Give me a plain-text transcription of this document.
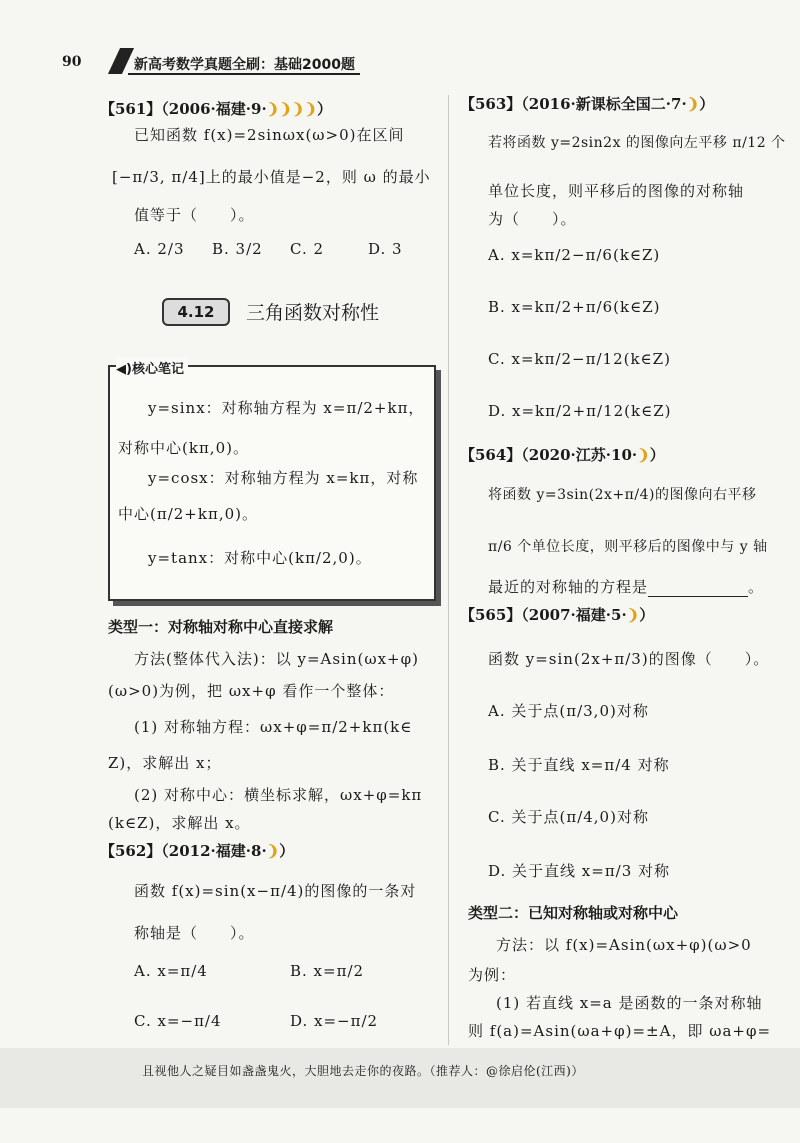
90	新高考数学真题全刷：基础2000题
【561】（2006·福建·9·❩❩❩❩）
已知函数 f(x)=2sinωx(ω>0)在区间
[−π/3, π/4]上的最小值是−2，则 ω 的最小
值等于（　　）。
A. 2/3 B. 3/2 C. 2	D. 3
4.12	三角函数对称性
◀)核心笔记
y=sinx：对称轴方程为 x=π/2+kπ，
对称中心(kπ,0)。
y=cosx：对称轴方程为 x=kπ，对称
中心(π/2+kπ,0)。
y=tanx：对称中心(kπ/2,0)。
类型一：对称轴对称中心直接求解
方法(整体代入法)：以 y=Asin(ωx+φ)
(ω>0)为例，把 ωx+φ 看作一个整体：
(1) 对称轴方程：ωx+φ=π/2+kπ(k∈
Z)，求解出 x；
(2) 对称中心：横坐标求解，ωx+φ=kπ
(k∈Z)，求解出 x。
【562】（2012·福建·8·❩）
函数 f(x)=sin(x−π/4)的图像的一条对
称轴是（　　）。
A. x=π/4	B. x=π/2
C. x=−π/4	D. x=−π/2
【563】（2016·新课标全国二·7·❩）
若将函数 y=2sin2x 的图像向左平移 π/12 个
单位长度，则平移后的图像的对称轴
为（　　）。
A. x=kπ/2−π/6(k∈Z)
B. x=kπ/2+π/6(k∈Z)
C. x=kπ/2−π/12(k∈Z)
D. x=kπ/2+π/12(k∈Z)
【564】（2020·江苏·10·❩）
将函数 y=3sin(2x+π/4)的图像向右平移
π/6 个单位长度，则平移后的图像中与 y 轴
最近的对称轴的方程是	。
【565】（2007·福建·5·❩）
函数 y=sin(2x+π/3)的图像（　　）。
A. 关于点(π/3,0)对称
B. 关于直线 x=π/4 对称
C. 关于点(π/4,0)对称
D. 关于直线 x=π/3 对称
类型二：已知对称轴或对称中心
方法：以 f(x)=Asin(ωx+φ)(ω>0
为例：
(1) 若直线 x=a 是函数的一条对称轴
则 f(a)=Asin(ωa+φ)=±A，即 ωa+φ=
且视他人之疑目如盏盏鬼火，大胆地去走你的夜路。（推荐人：@徐启伦(江西)）
